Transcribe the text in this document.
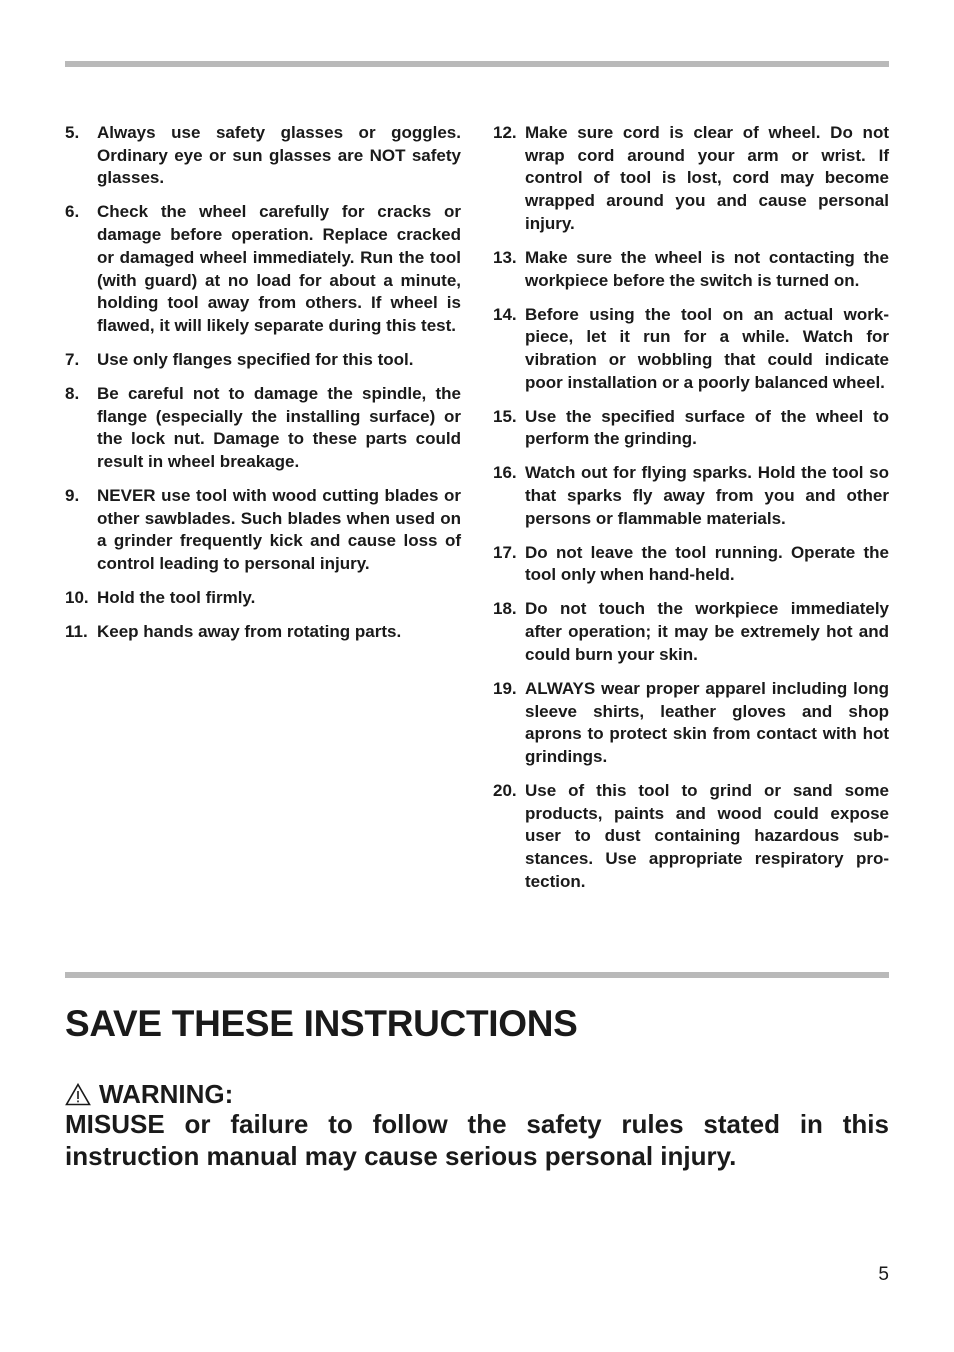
5.	Always use safety glasses or goggles. Ordinary eye or sun glasses are NOT safety glasses.
6.	Check the wheel carefully for cracks or damage before operation. Replace cracked or damaged wheel immediately. Run the tool (with guard) at no load for about a minute, holding tool away from others. If wheel is flawed, it will likely separate during this test.
7.	Use only flanges specified for this tool.
8.	Be careful not to damage the spindle, the flange (especially the installing surface) or the lock nut. Damage to these parts could result in wheel breakage.
9.	NEVER use tool with wood cutting blades or other sawblades. Such blades when used on a grinder frequently kick and cause loss of control leading to personal injury.
10. Hold the tool firmly.
11. Keep hands away from rotating parts.
12. Make sure cord is clear of wheel. Do not wrap cord around your arm or wrist. If control of tool is lost, cord may become wrapped around you and cause personal injury.
13. Make sure the wheel is not contacting the workpiece before the switch is turned on.
14. Before using the tool on an actual workpiece, let it run for a while. Watch for vibration or wobbling that could indicate poor installation or a poorly balanced wheel.
15. Use the specified surface of the wheel to perform the grinding.
16. Watch out for flying sparks. Hold the tool so that sparks fly away from you and other persons or flammable materials.
17. Do not leave the tool running. Operate the tool only when hand-held.
18. Do not touch the workpiece immediately after operation; it may be extremely hot and could burn your skin.
19. ALWAYS wear proper apparel including long sleeve shirts, leather gloves and shop aprons to protect skin from contact with hot grindings.
20. Use of this tool to grind or sand some products, paints and wood could expose user to dust containing hazardous substances. Use appropriate respiratory protection.
SAVE THESE INSTRUCTIONS
WARNING:

MISUSE or failure to follow the safety rules stated in this instruction manual may cause serious personal injury.

5
